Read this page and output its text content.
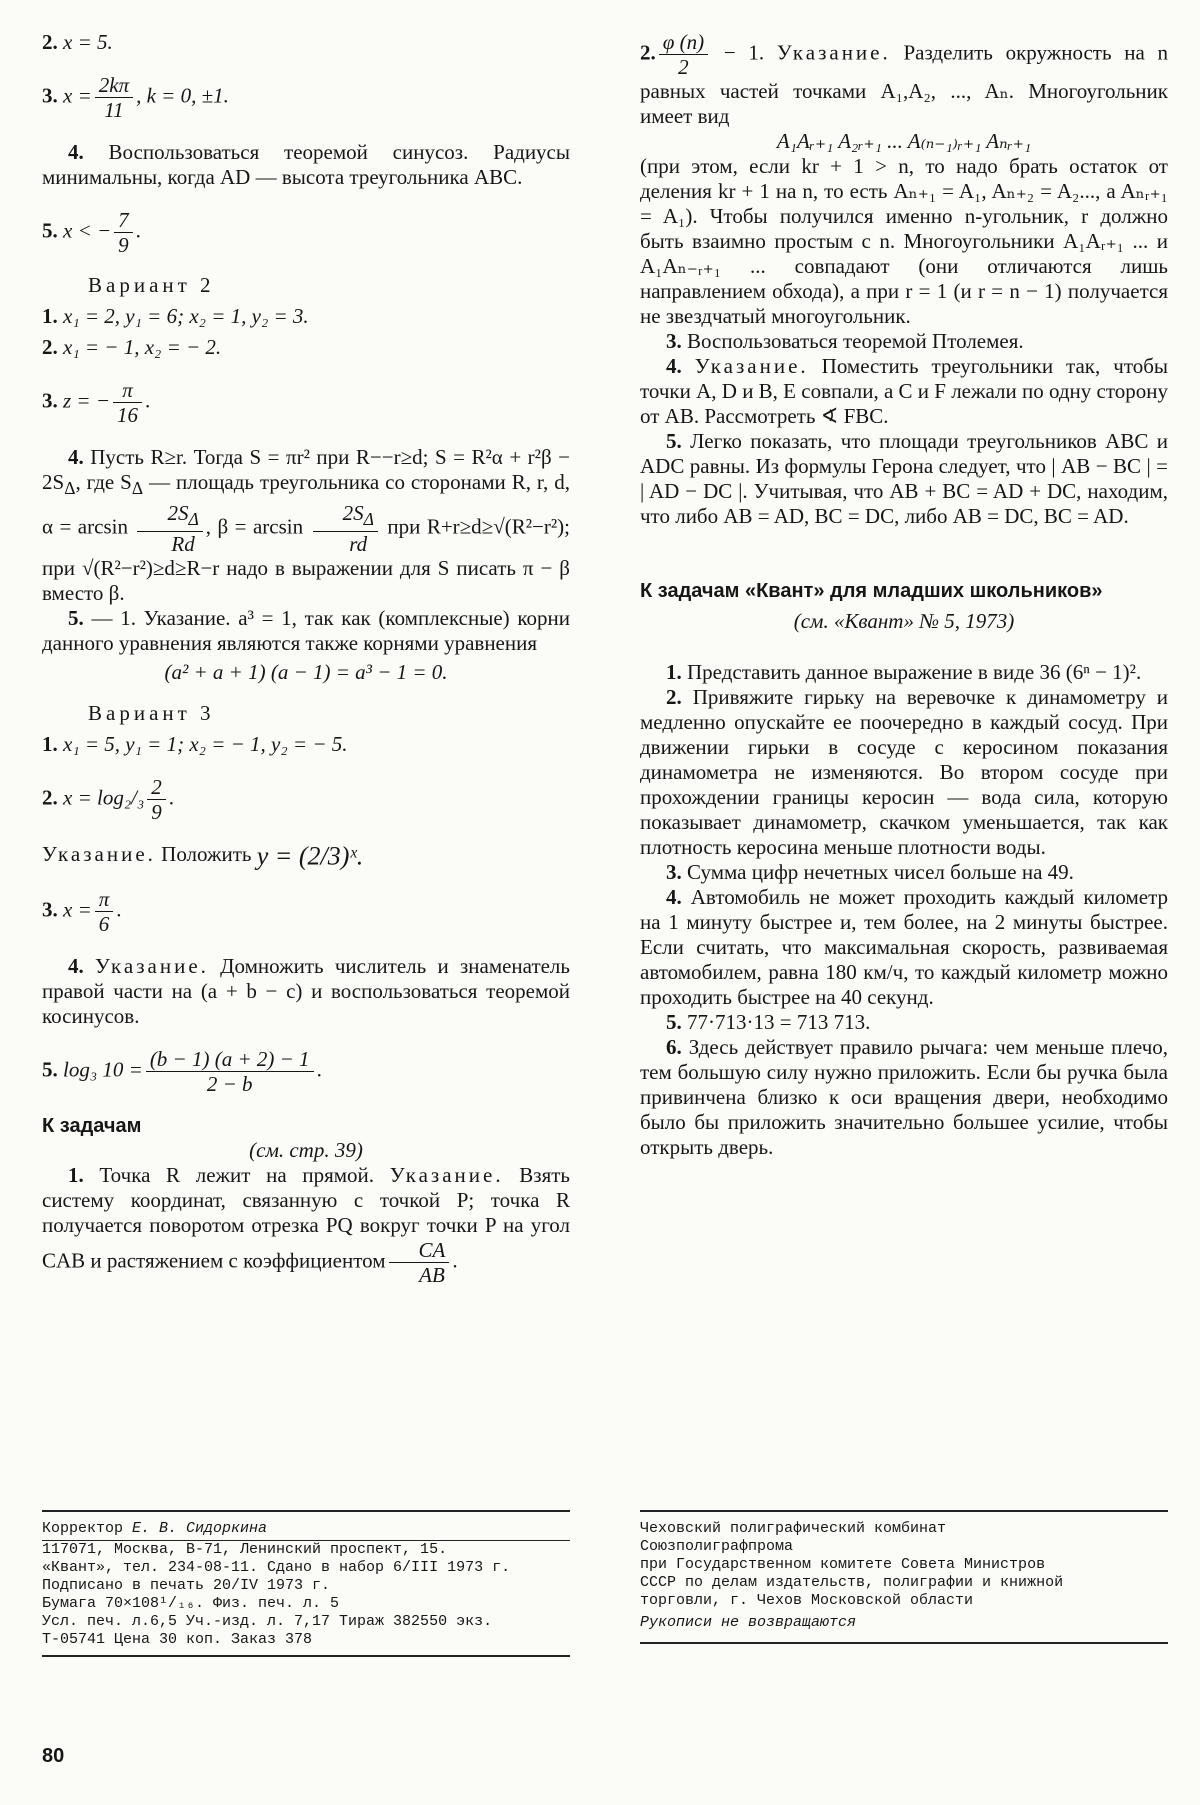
2. x = 5.

3. $x = \frac{2k\pi}{11}$ , k = 0, ±1.

4. Воспользоваться теоремой синусоз. Радиусы минимальны, когда AD — высота треугольника ABC.

5. x < − $\frac{7}{9}$ .

Вариант 2

1. x₁ = 2, y₁ = 6; x₂ = 1, y₂ = 3.

2. x₁ = − 1, x₂ = − 2.

3. z = − $\frac{\pi}{16}$ .

4. Пусть R≥r. Тогда S = πr² при R−−r≥d; $S = R^2\alpha + r^2\beta - 2S_\Delta$, где $S_\Delta$ — площадь треугольника со сторонами R, r, d, $\alpha = \arcsin \frac{2S_\Delta}{Rd}$ , $\beta = \arcsin \frac{2S_\Delta}{rd}$ при R+r≥d≥√(R²−r²); при √(R²−r²)≥d≥R−r надо в выражении для S писать π − β вместо β.

5. — 1. Указание. a³ = 1, так как (комплексные) корни данного уравнения являются также корнями уравнения

(a² + a + 1) (a − 1) = a³ − 1 = 0.

Вариант 3

1. x₁ = 5, y₁ = 1; x₂ = − 1, y₂ = − 5.

2. $x = \log_2/_3 \frac{2}{9}$ .

Указание. Положить y = (2/3)ˣ.

3. $x = \frac{\pi}{6}$ .

4. Указание. Домножить числитель и знаменатель правой части на (a + b − c) и воспользоваться теоремой косинусов.

5. log₃ $10 = \frac{(b - 1) (a + 2) - 1}{2 - b}$ .

К задачам

(см. стр. 39)

1. Точка R лежит на прямой. Указание. Взять систему координат, связанную с точкой P; точка R получается поворотом отрезка PQ вокруг точки P на угол CAB и растяжением с коэффициентом $\frac{CA}{AB}$ .

2. $\frac{\varphi (n)}{2} - 1$. Указание. Разделить окружность на n равных частей точками A₁,A₂, ..., Aₙ. Многоугольник имеет вид

A₁Aᵣ₊₁ A₂ᵣ₊₁ ... A₍ₙ₋₁₎ᵣ₊₁ Aₙᵣ₊₁

(при этом, если kr + 1 > n, то надо брать остаток от деления kr + 1 на n, то есть Aₙ₊₁ = A₁, Aₙ₊₂ = A₂..., a Aₙᵣ₊₁ = A₁). Чтобы получился именно n-угольник, r должно быть взаимно простым с n. Многоугольники A₁Aᵣ₊₁ ... и A₁Aₙ₋ᵣ₊₁ ... совпадают (они отличаются лишь направлением обхода), а при r = 1 (и r = n − 1) получается не звездчатый многоугольник.

3. Воспользоваться теоремой Птолемея.

4. Указание. Поместить треугольники так, чтобы точки A, D и B, E совпали, а C и F лежали по одну сторону от AB. Рассмотреть ∢ FBC.

5. Легко показать, что площади треугольников ABC и ADC равны. Из формулы Герона следует, что | AB − BC | = | AD − DC |. Учитывая, что AB + BC = AD + DC, находим, что либо AB = AD, BC = DC, либо AB = DC, BC = AD.

К задачам «Квант» для младших школьников»

(см. «Квант» № 5, 1973)

1. Представить данное выражение в виде 36 (6ⁿ − 1)².

2. Привяжите гирьку на веревочке к динамометру и медленно опускайте ее поочередно в каждый сосуд. При движении гирьки в сосуде с керосином показания динамометра не изменяются. Во втором сосуде при прохождении границы керосин — вода сила, которую показывает динамометр, скачком уменьшается, так как плотность керосина меньше плотности воды.

3. Сумма цифр нечетных чисел больше на 49.

4. Автомобиль не может проходить каждый километр на 1 минуту быстрее и, тем более, на 2 минуты быстрее. Если считать, что максимальная скорость, развиваемая автомобилем, равна 180 км/ч, то каждый километр можно проходить быстрее на 40 секунд.

5. 77·713·13 = 713 713.

6. Здесь действует правило рычага: чем меньше плечо, тем большую силу нужно приложить. Если бы ручка была привинчена близко к оси вращения двери, необходимо было бы приложить значительно большее усилие, чтобы открыть дверь.

Корректор Е. В. Сидоркина
117071, Москва, В-71, Ленинский проспект, 15.
«Квант», тел. 234-08-11. Сдано в набор 6/III 1973 г.
Подписано в печать 20/IV 1973 г.
Бумага 70×108¹/₁₆. Физ. печ. л. 5
Усл. печ. л.6,5 Уч.-изд. л. 7,17 Тираж 382550 экз.
Т-05741 Цена 30 коп. Заказ 378
Чеховский полиграфический комбинат
Союзполиграфпрома
при Государственном комитете Совета Министров
СССР по делам издательств, полиграфии и книжной
торговли, г. Чехов Московской области
Рукописи не возвращаются
80
